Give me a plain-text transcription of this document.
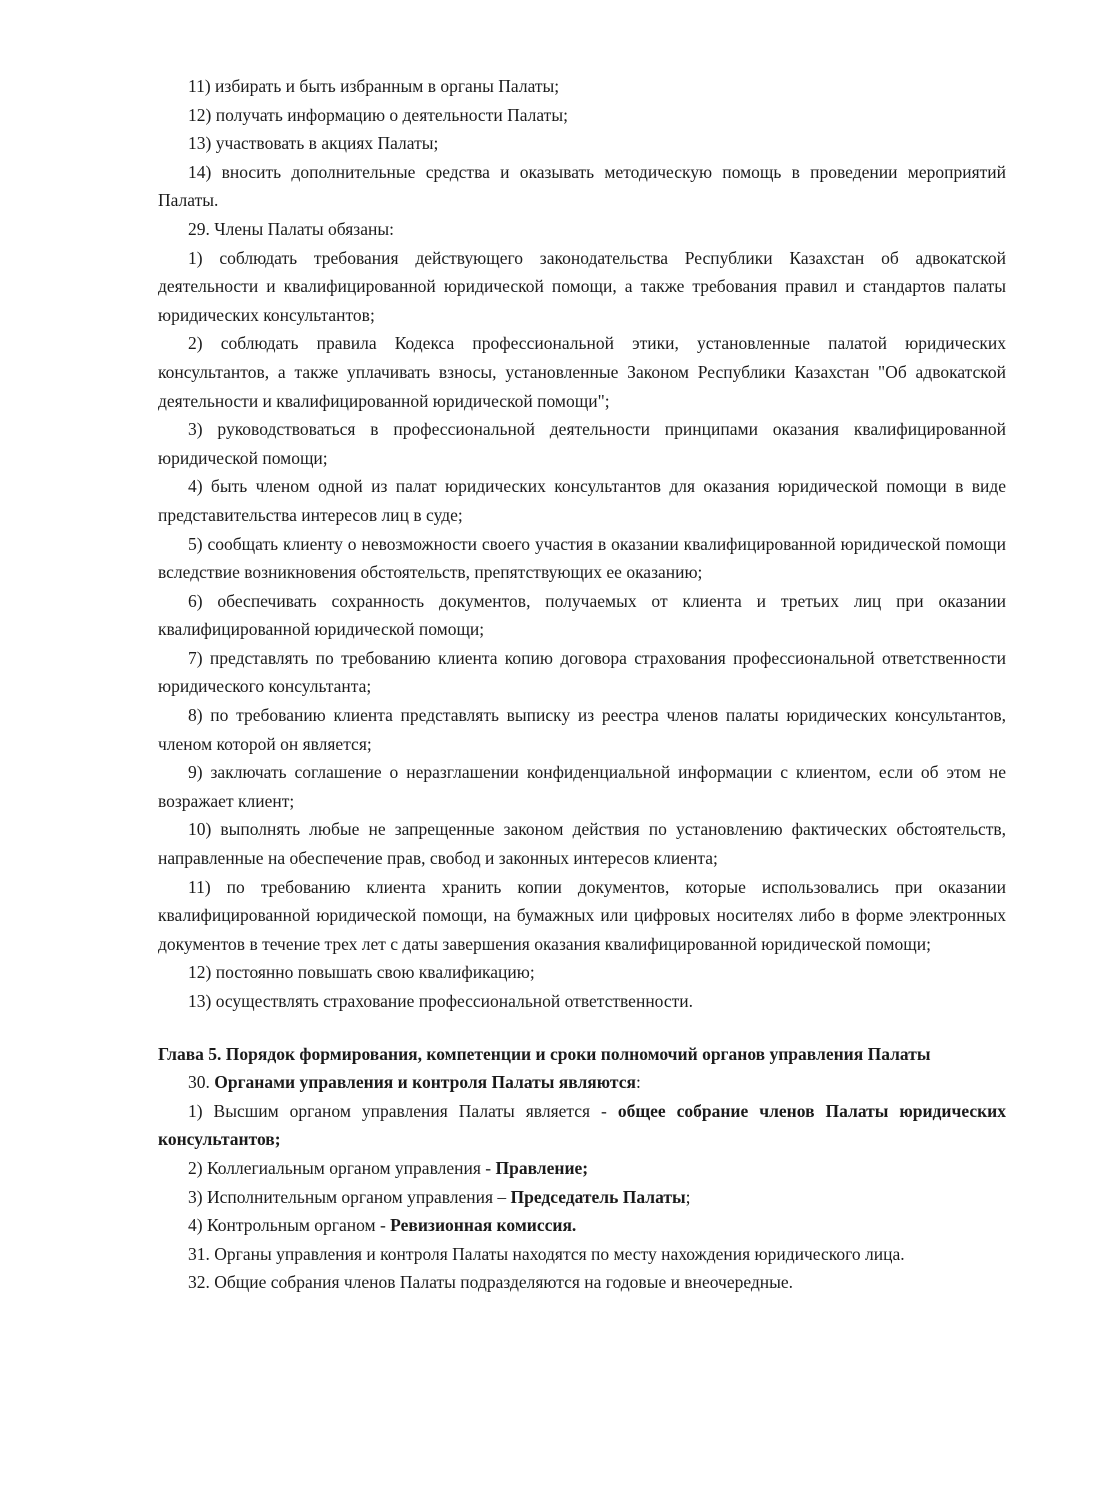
11) избирать и быть избранным в органы Палаты;

12) получать информацию о деятельности Палаты;

13) участвовать в акциях Палаты;

14) вносить дополнительные средства и оказывать методическую помощь в проведении мероприятий Палаты.

29. Члены Палаты обязаны:

1) соблюдать требования действующего законодательства Республики Казахстан об адвокатской деятельности и квалифицированной юридической помощи, а также требования правил и стандартов палаты юридических консультантов;

2) соблюдать правила Кодекса профессиональной этики, установленные палатой юридических консультантов, а также уплачивать взносы, установленные Законом Республики Казахстан "Об адвокатской деятельности и квалифицированной юридической помощи";

3) руководствоваться в профессиональной деятельности принципами оказания квалифицированной юридической помощи;

4) быть членом одной из палат юридических консультантов для оказания юридической помощи в виде представительства интересов лиц в суде;

5) сообщать клиенту о невозможности своего участия в оказании квалифицированной юридической помощи вследствие возникновения обстоятельств, препятствующих ее оказанию;

6) обеспечивать сохранность документов, получаемых от клиента и третьих лиц при оказании квалифицированной юридической помощи;

7) представлять по требованию клиента копию договора страхования профессиональной ответственности юридического консультанта;

8) по требованию клиента представлять выписку из реестра членов палаты юридических консультантов, членом которой он является;

9) заключать соглашение о неразглашении конфиденциальной информации с клиентом, если об этом не возражает клиент;

10) выполнять любые не запрещенные законом действия по установлению фактических обстоятельств, направленные на обеспечение прав, свобод и законных интересов клиента;

11) по требованию клиента хранить копии документов, которые использовались при оказании квалифицированной юридической помощи, на бумажных или цифровых носителях либо в форме электронных документов в течение трех лет с даты завершения оказания квалифицированной юридической помощи;

12) постоянно повышать свою квалификацию;

13) осуществлять страхование профессиональной ответственности.

Глава 5. Порядок формирования, компетенции и сроки полномочий органов управления Палаты

30. Органами управления и контроля Палаты являются:

1) Высшим органом управления Палаты является - общее собрание членов Палаты юридических консультантов;

2) Коллегиальным органом управления - Правление;

3) Исполнительным органом управления – Председатель Палаты;

4) Контрольным органом - Ревизионная комиссия.

31. Органы управления и контроля Палаты находятся по месту нахождения юридического лица.

32. Общие собрания членов Палаты подразделяются на годовые и внеочередные.
